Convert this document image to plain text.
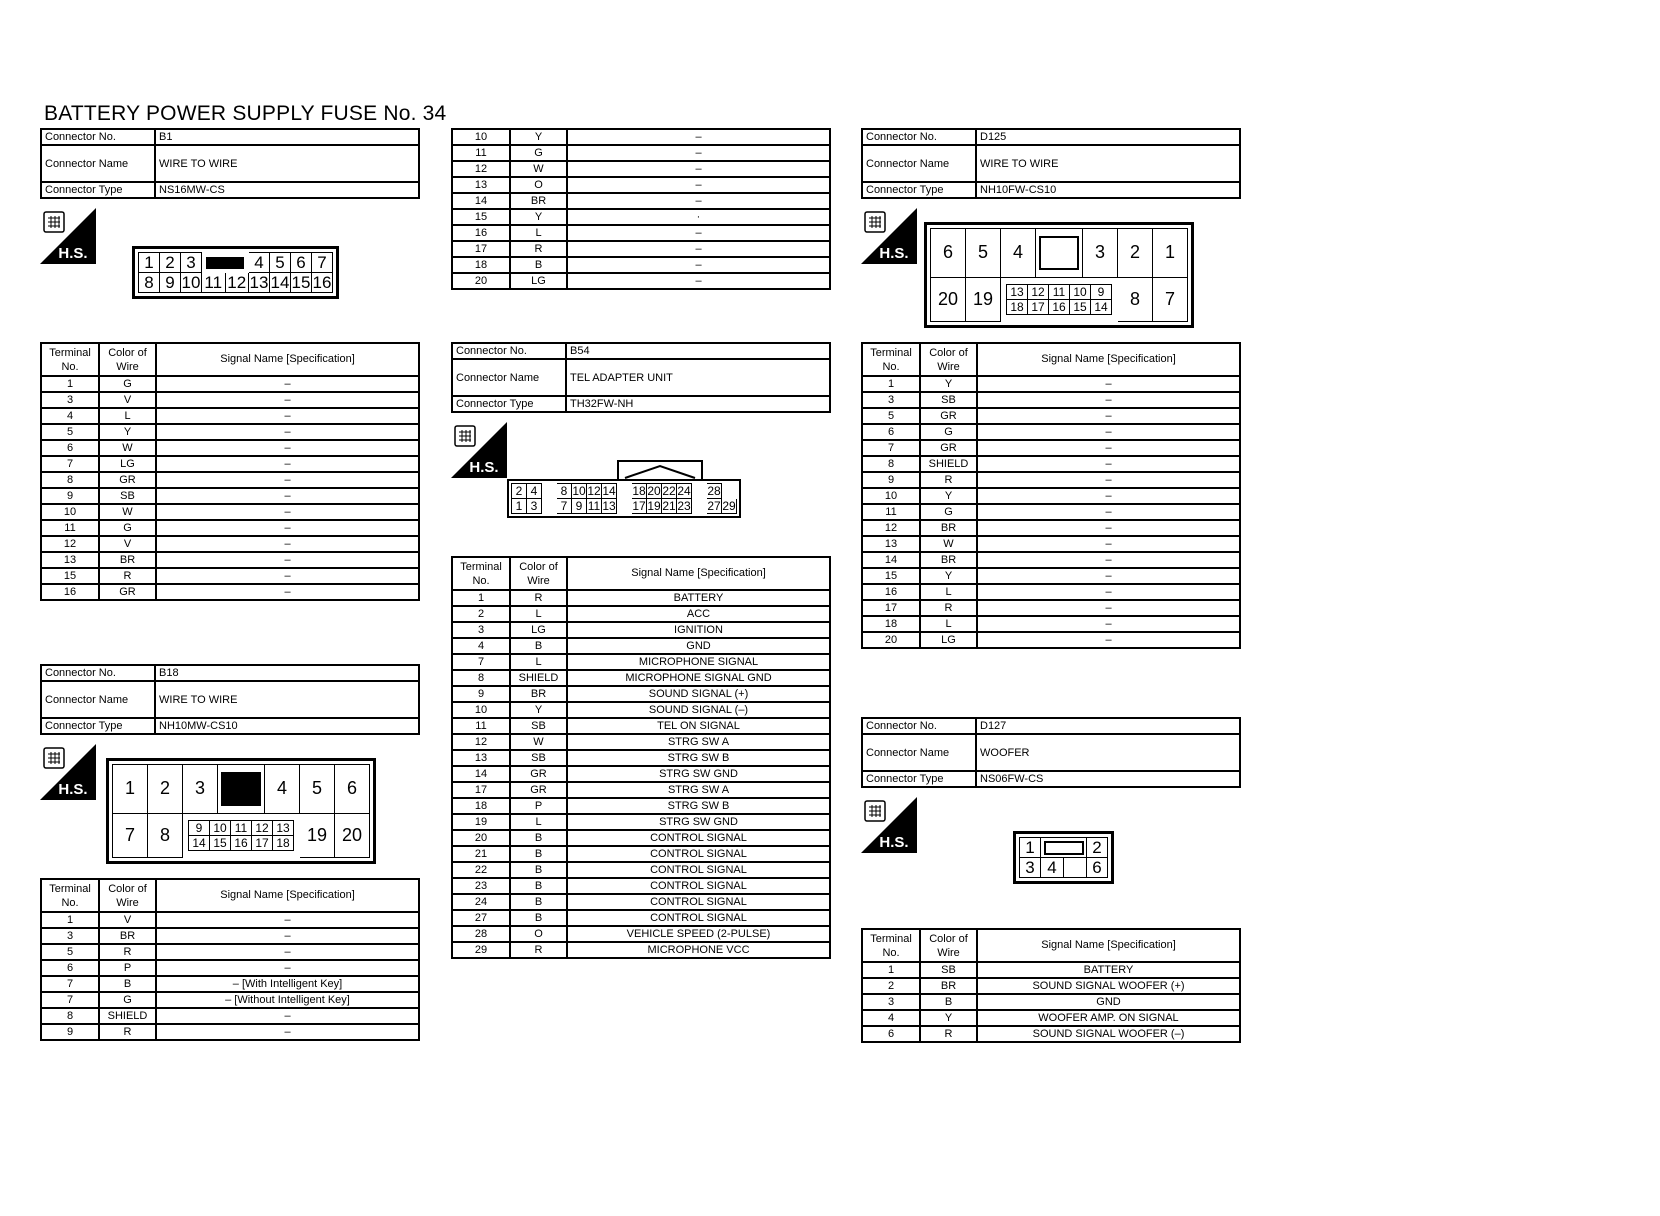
BATTERY POWER SUPPLY FUSE No. 34
Connector No.	B1
Connector Name	WIRE TO WIRE
Connector Type	NS16MW-CS
H.S.	1	2	3			4	5	6	7
8	9	10	11	12	13	14	15	16
Terminal No.	Color of Wire	Signal Name [Specification]
1	G	–
3	V	–
4	L	–
5	Y	–
6	W	–
7	LG	–
8	GR	–
9	SB	–
10	W	–
11	G	–
12	V	–
13	BR	–
15	R	–
16	GR	–
Connector No.	B18
Connector Name	WIRE TO WIRE
Connector Type	NH10MW-CS10
H.S. 1	2	3		4	5	6
7	8	9	10	11	12	13
14	15	16	17	18
	19	20
Terminal No.	Color of Wire	Signal Name [Specification]
1	V	–
3	BR	–
5	R	–
6	P	–
7	B	– [With Intelligent Key]
7	G	– [Without Intelligent Key]
8	SHIELD	–
9	R	–
10	Y	–
11	G	–
12	W	–
13	O	–
14	BR	–
15	Y	·
16	L	–
17	R	–
18	B	–
20	LG	–
Connector No.	B54
Connector Name	TEL ADAPTER UNIT
Connector Type	TH32FW-NH
H.S.
2	4		8	10	12	14		18	20	22	24		28	
1	3		7	9	11	13		17	19	21	23		27	29
Terminal No.	Color of Wire	Signal Name [Specification]
1	R	BATTERY
2	L	ACC
3	LG	IGNITION
4	B	GND
7	L	MICROPHONE SIGNAL
8	SHIELD	MICROPHONE SIGNAL GND
9	BR	SOUND SIGNAL (+)
10	Y	SOUND SIGNAL (–)
11	SB	TEL ON SIGNAL
12	W	STRG SW A
13	SB	STRG SW B
14	GR	STRG SW GND
17	GR	STRG SW A
18	P	STRG SW B
19	L	STRG SW GND
20	B	CONTROL SIGNAL
21	B	CONTROL SIGNAL
22	B	CONTROL SIGNAL
23	B	CONTROL SIGNAL
24	B	CONTROL SIGNAL
27	B	CONTROL SIGNAL
28	O	VEHICLE SPEED (2-PULSE)
29	R	MICROPHONE VCC
Connector No.	D125
Connector Name	WIRE TO WIRE
Connector Type	NH10FW-CS10
H.S. 6	5	4		3	2	1
20	19	13	12	11	10	9
18	17	16	15	14
	8	7
Terminal No.	Color of Wire	Signal Name [Specification]
1	Y	–
3	SB	–
5	GR	–
6	G	–
7	GR	–
8	SHIELD	–
9	R	–
10	Y	–
11	G	–
12	BR	–
13	W	–
14	BR	–
15	Y	–
16	L	–
17	R	–
18	L	–
20	LG	–
Connector No.	D127
Connector Name	WOOFER
Connector Type	NS06FW-CS
H.S.	1			2
3	4		6
Terminal No.	Color of Wire	Signal Name [Specification]
1	SB	BATTERY
2	BR	SOUND SIGNAL WOOFER (+)
3	B	GND
4	Y	WOOFER AMP. ON SIGNAL
6	R	SOUND SIGNAL WOOFER (–)
